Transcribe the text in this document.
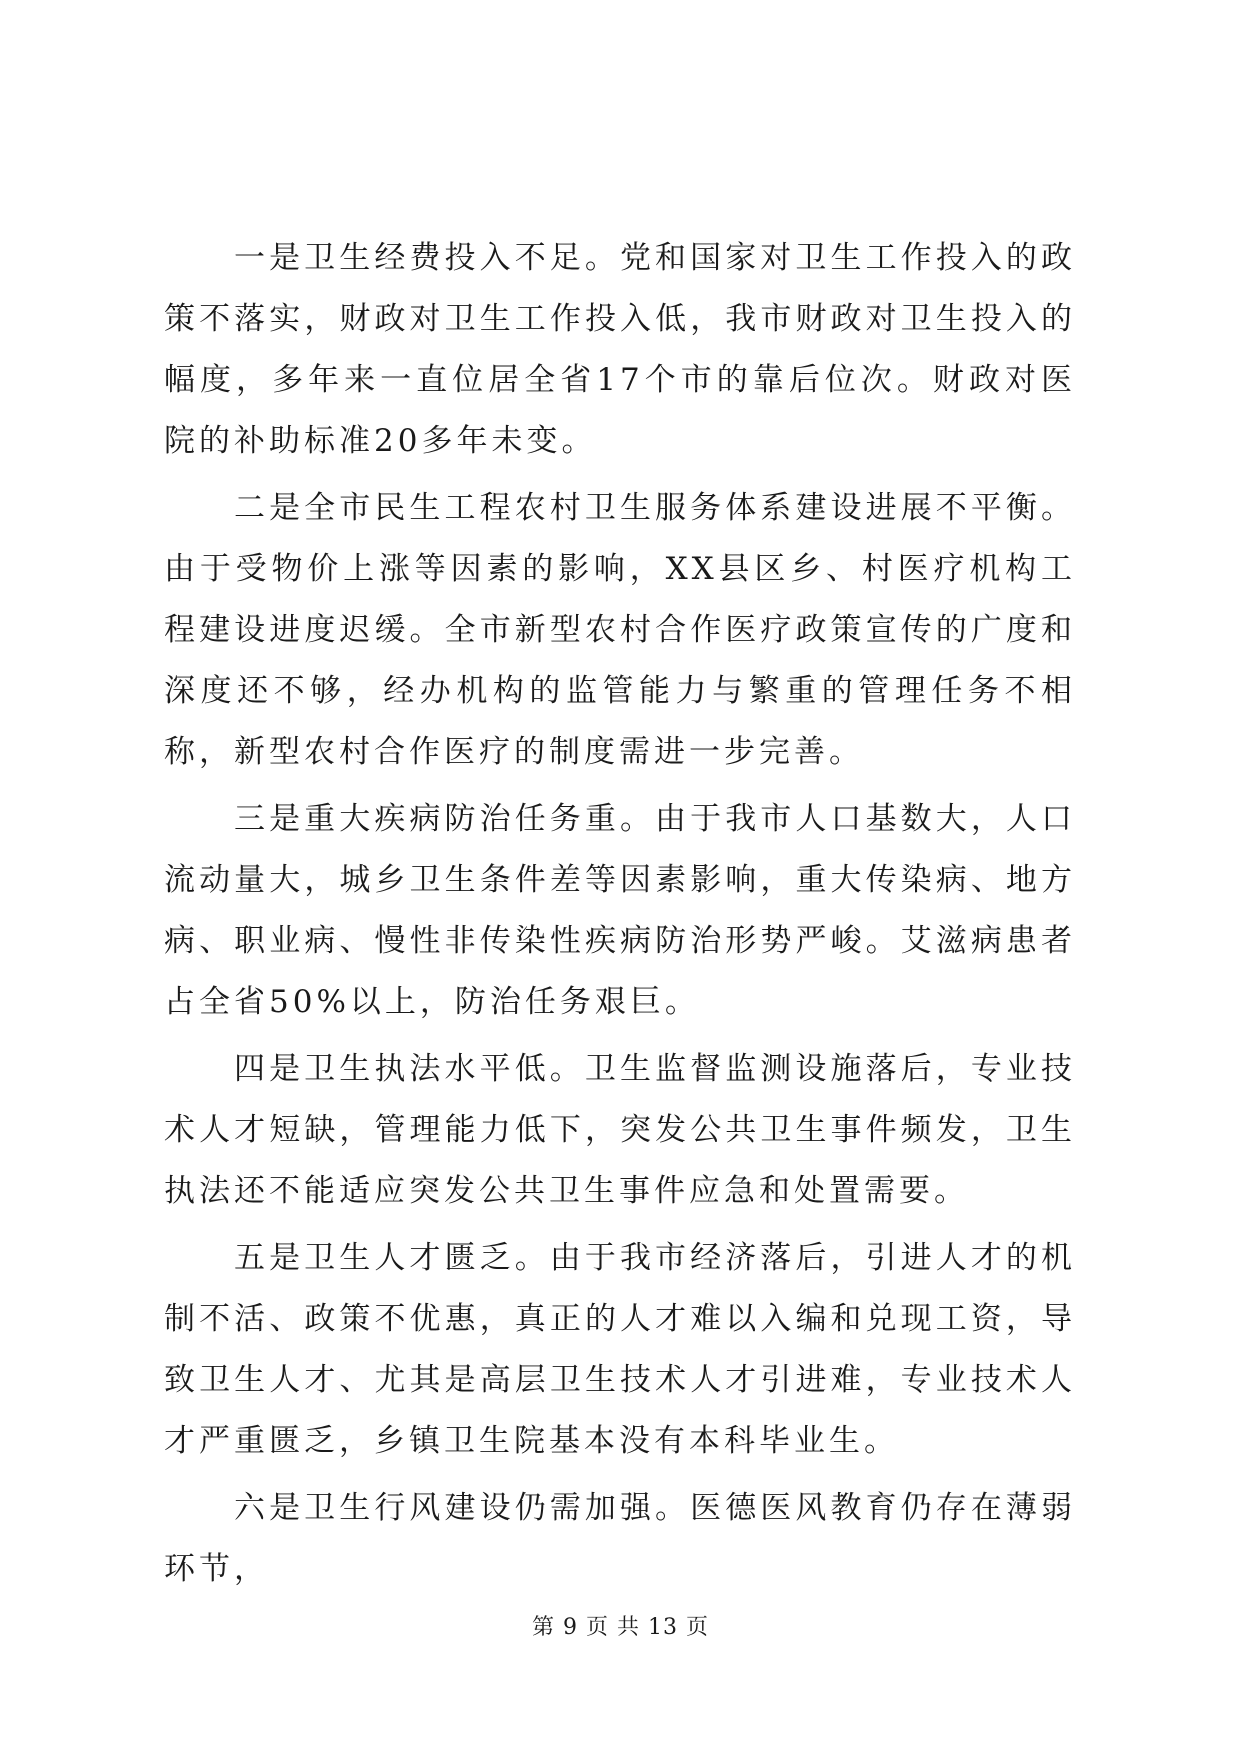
一是卫生经费投入不足。党和国家对卫生工作投入的政策不落实，财政对卫生工作投入低，我市财政对卫生投入的幅度，多年来一直位居全省17个市的靠后位次。财政对医院的补助标准20多年未变。

二是全市民生工程农村卫生服务体系建设进展不平衡。由于受物价上涨等因素的影响，XX县区乡、村医疗机构工程建设进度迟缓。全市新型农村合作医疗政策宣传的广度和深度还不够，经办机构的监管能力与繁重的管理任务不相称，新型农村合作医疗的制度需进一步完善。

三是重大疾病防治任务重。由于我市人口基数大，人口流动量大，城乡卫生条件差等因素影响，重大传染病、地方病、职业病、慢性非传染性疾病防治形势严峻。艾滋病患者占全省50%以上，防治任务艰巨。

四是卫生执法水平低。卫生监督监测设施落后，专业技术人才短缺，管理能力低下，突发公共卫生事件频发，卫生执法还不能适应突发公共卫生事件应急和处置需要。

五是卫生人才匮乏。由于我市经济落后，引进人才的机制不活、政策不优惠，真正的人才难以入编和兑现工资，导致卫生人才、尤其是高层卫生技术人才引进难，专业技术人才严重匮乏，乡镇卫生院基本没有本科毕业生。

六是卫生行风建设仍需加强。医德医风教育仍存在薄弱环节，

第 9 页 共 13 页
